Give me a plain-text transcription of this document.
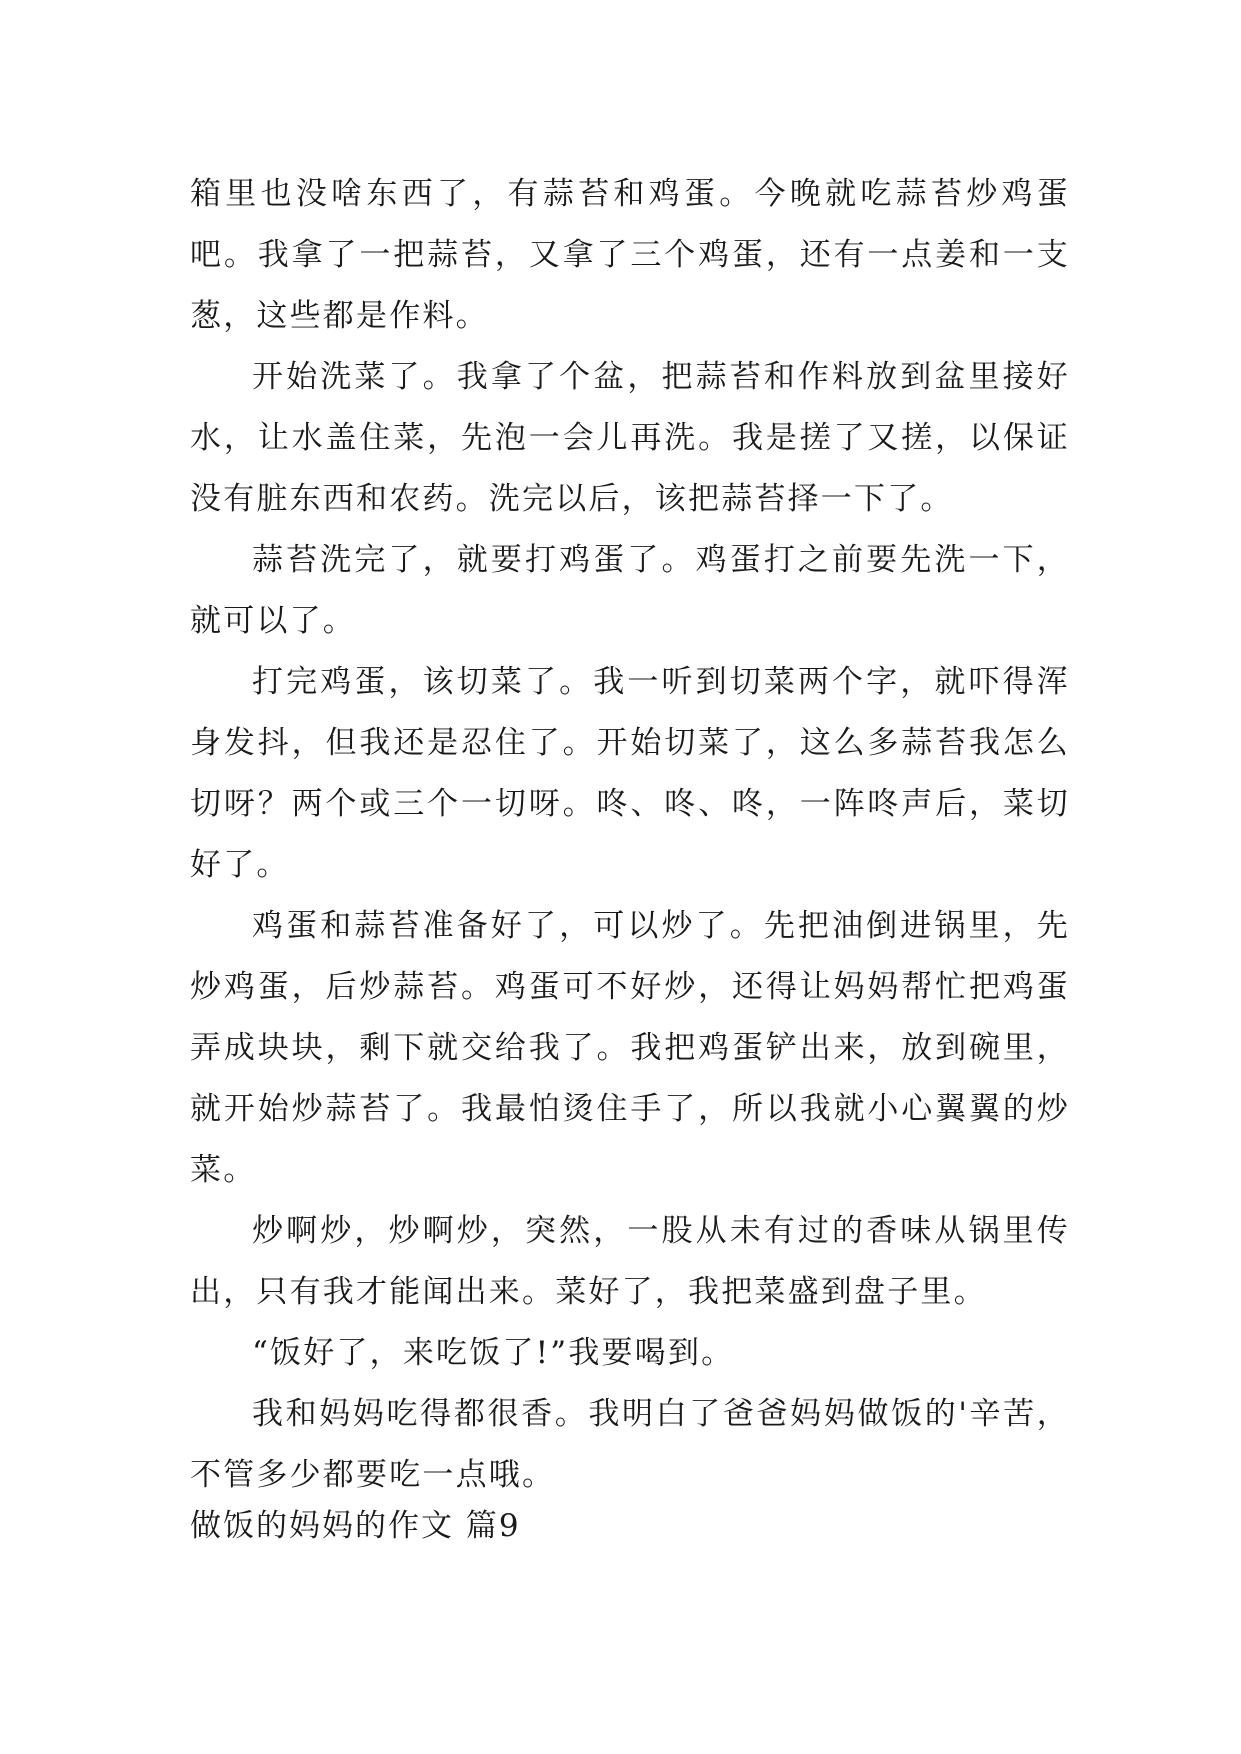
箱里也没啥东西了，有蒜苔和鸡蛋。今晚就吃蒜苔炒鸡蛋吧。我拿了一把蒜苔，又拿了三个鸡蛋，还有一点姜和一支葱，这些都是作料。

开始洗菜了。我拿了个盆，把蒜苔和作料放到盆里接好水，让水盖住菜，先泡一会儿再洗。我是搓了又搓，以保证没有脏东西和农药。洗完以后，该把蒜苔择一下了。

蒜苔洗完了，就要打鸡蛋了。鸡蛋打之前要先洗一下，就可以了。

打完鸡蛋，该切菜了。我一听到切菜两个字，就吓得浑身发抖，但我还是忍住了。开始切菜了，这么多蒜苔我怎么切呀？两个或三个一切呀。咚、咚、咚，一阵咚声后，菜切好了。

鸡蛋和蒜苔准备好了，可以炒了。先把油倒进锅里，先炒鸡蛋，后炒蒜苔。鸡蛋可不好炒，还得让妈妈帮忙把鸡蛋弄成块块，剩下就交给我了。我把鸡蛋铲出来，放到碗里，就开始炒蒜苔了。我最怕烫住手了，所以我就小心翼翼的炒菜。

炒啊炒，炒啊炒，突然，一股从未有过的香味从锅里传出，只有我才能闻出来。菜好了，我把菜盛到盘子里。

“饭好了，来吃饭了!”我要喝到。

我和妈妈吃得都很香。我明白了爸爸妈妈做饭的'辛苦，不管多少都要吃一点哦。

做饭的妈妈的作文 篇9
